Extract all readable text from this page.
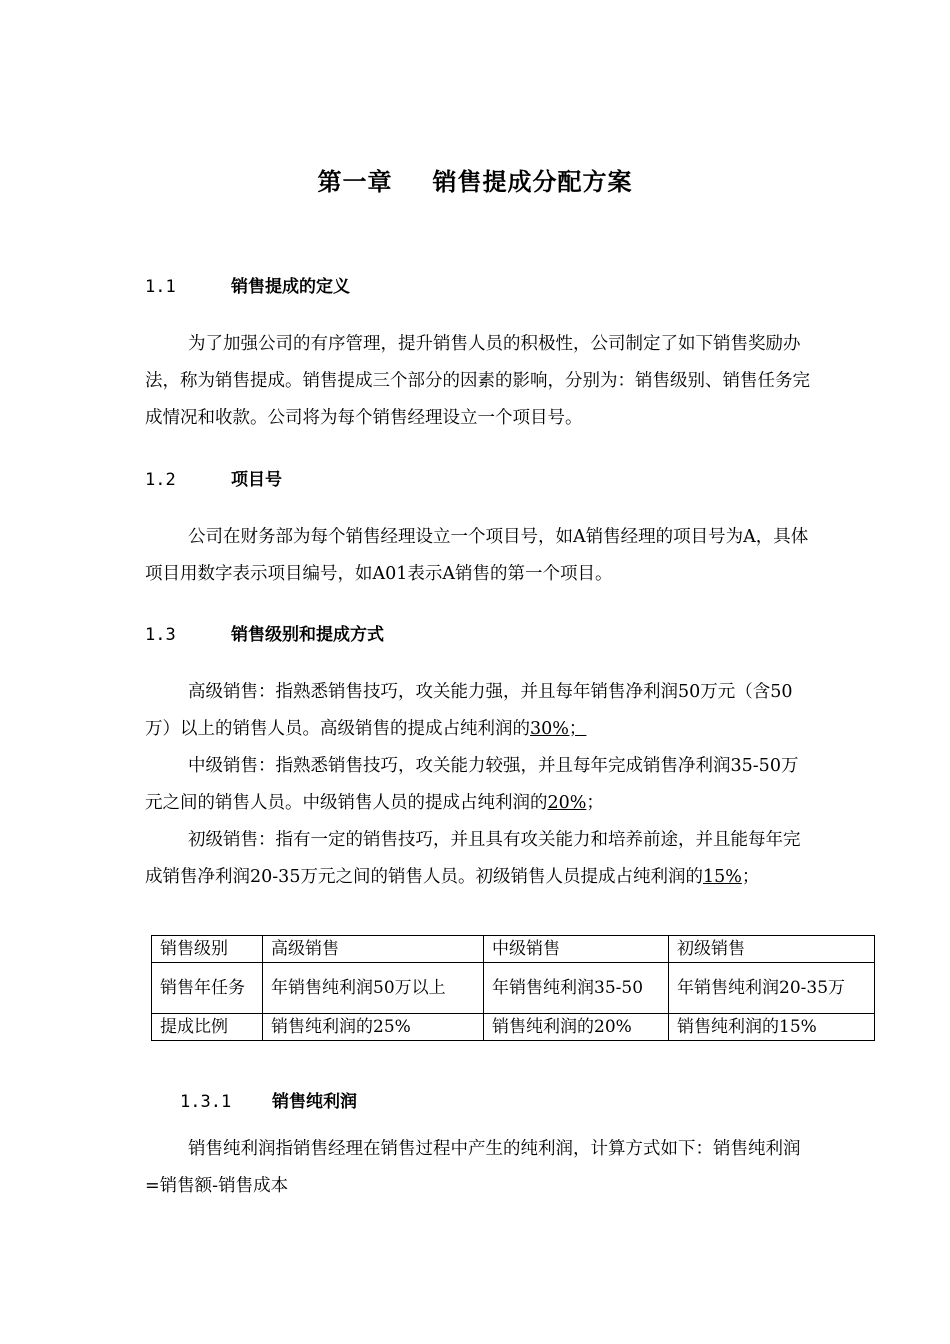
第一章 销售提成分配方案
1.1	销售提成的定义

为了加强公司的有序管理，提升销售人员的积极性，公司制定了如下销售奖励办法，称为销售提成。销售提成三个部分的因素的影响，分别为：销售级别、销售任务完成情况和收款。公司将为每个销售经理设立一个项目号。

1.2	项目号

公司在财务部为每个销售经理设立一个项目号，如A销售经理的项目号为A，具体项目用数字表示项目编号，如A01表示A销售的第一个项目。

1.3	销售级别和提成方式

高级销售：指熟悉销售技巧，攻关能力强，并且每年销售净利润50万元（含50万）以上的销售人员。高级销售的提成占纯利润的30%；

中级销售：指熟悉销售技巧，攻关能力较强，并且每年完成销售净利润35-50万元之间的销售人员。中级销售人员的提成占纯利润的20%；

初级销售：指有一定的销售技巧，并且具有攻关能力和培养前途，并且能每年完成销售净利润20-35万元之间的销售人员。初级销售人员提成占纯利润的15%；

销售级别	高级销售	中级销售	初级销售
销售年任务	年销售纯利润50万以上	年销售纯利润35-50	年销售纯利润20-35万
提成比例	销售纯利润的25%	销售纯利润的20%	销售纯利润的15%
1.3.1 销售纯利润

销售纯利润指销售经理在销售过程中产生的纯利润，计算方式如下：销售纯利润=销售额-销售成本
